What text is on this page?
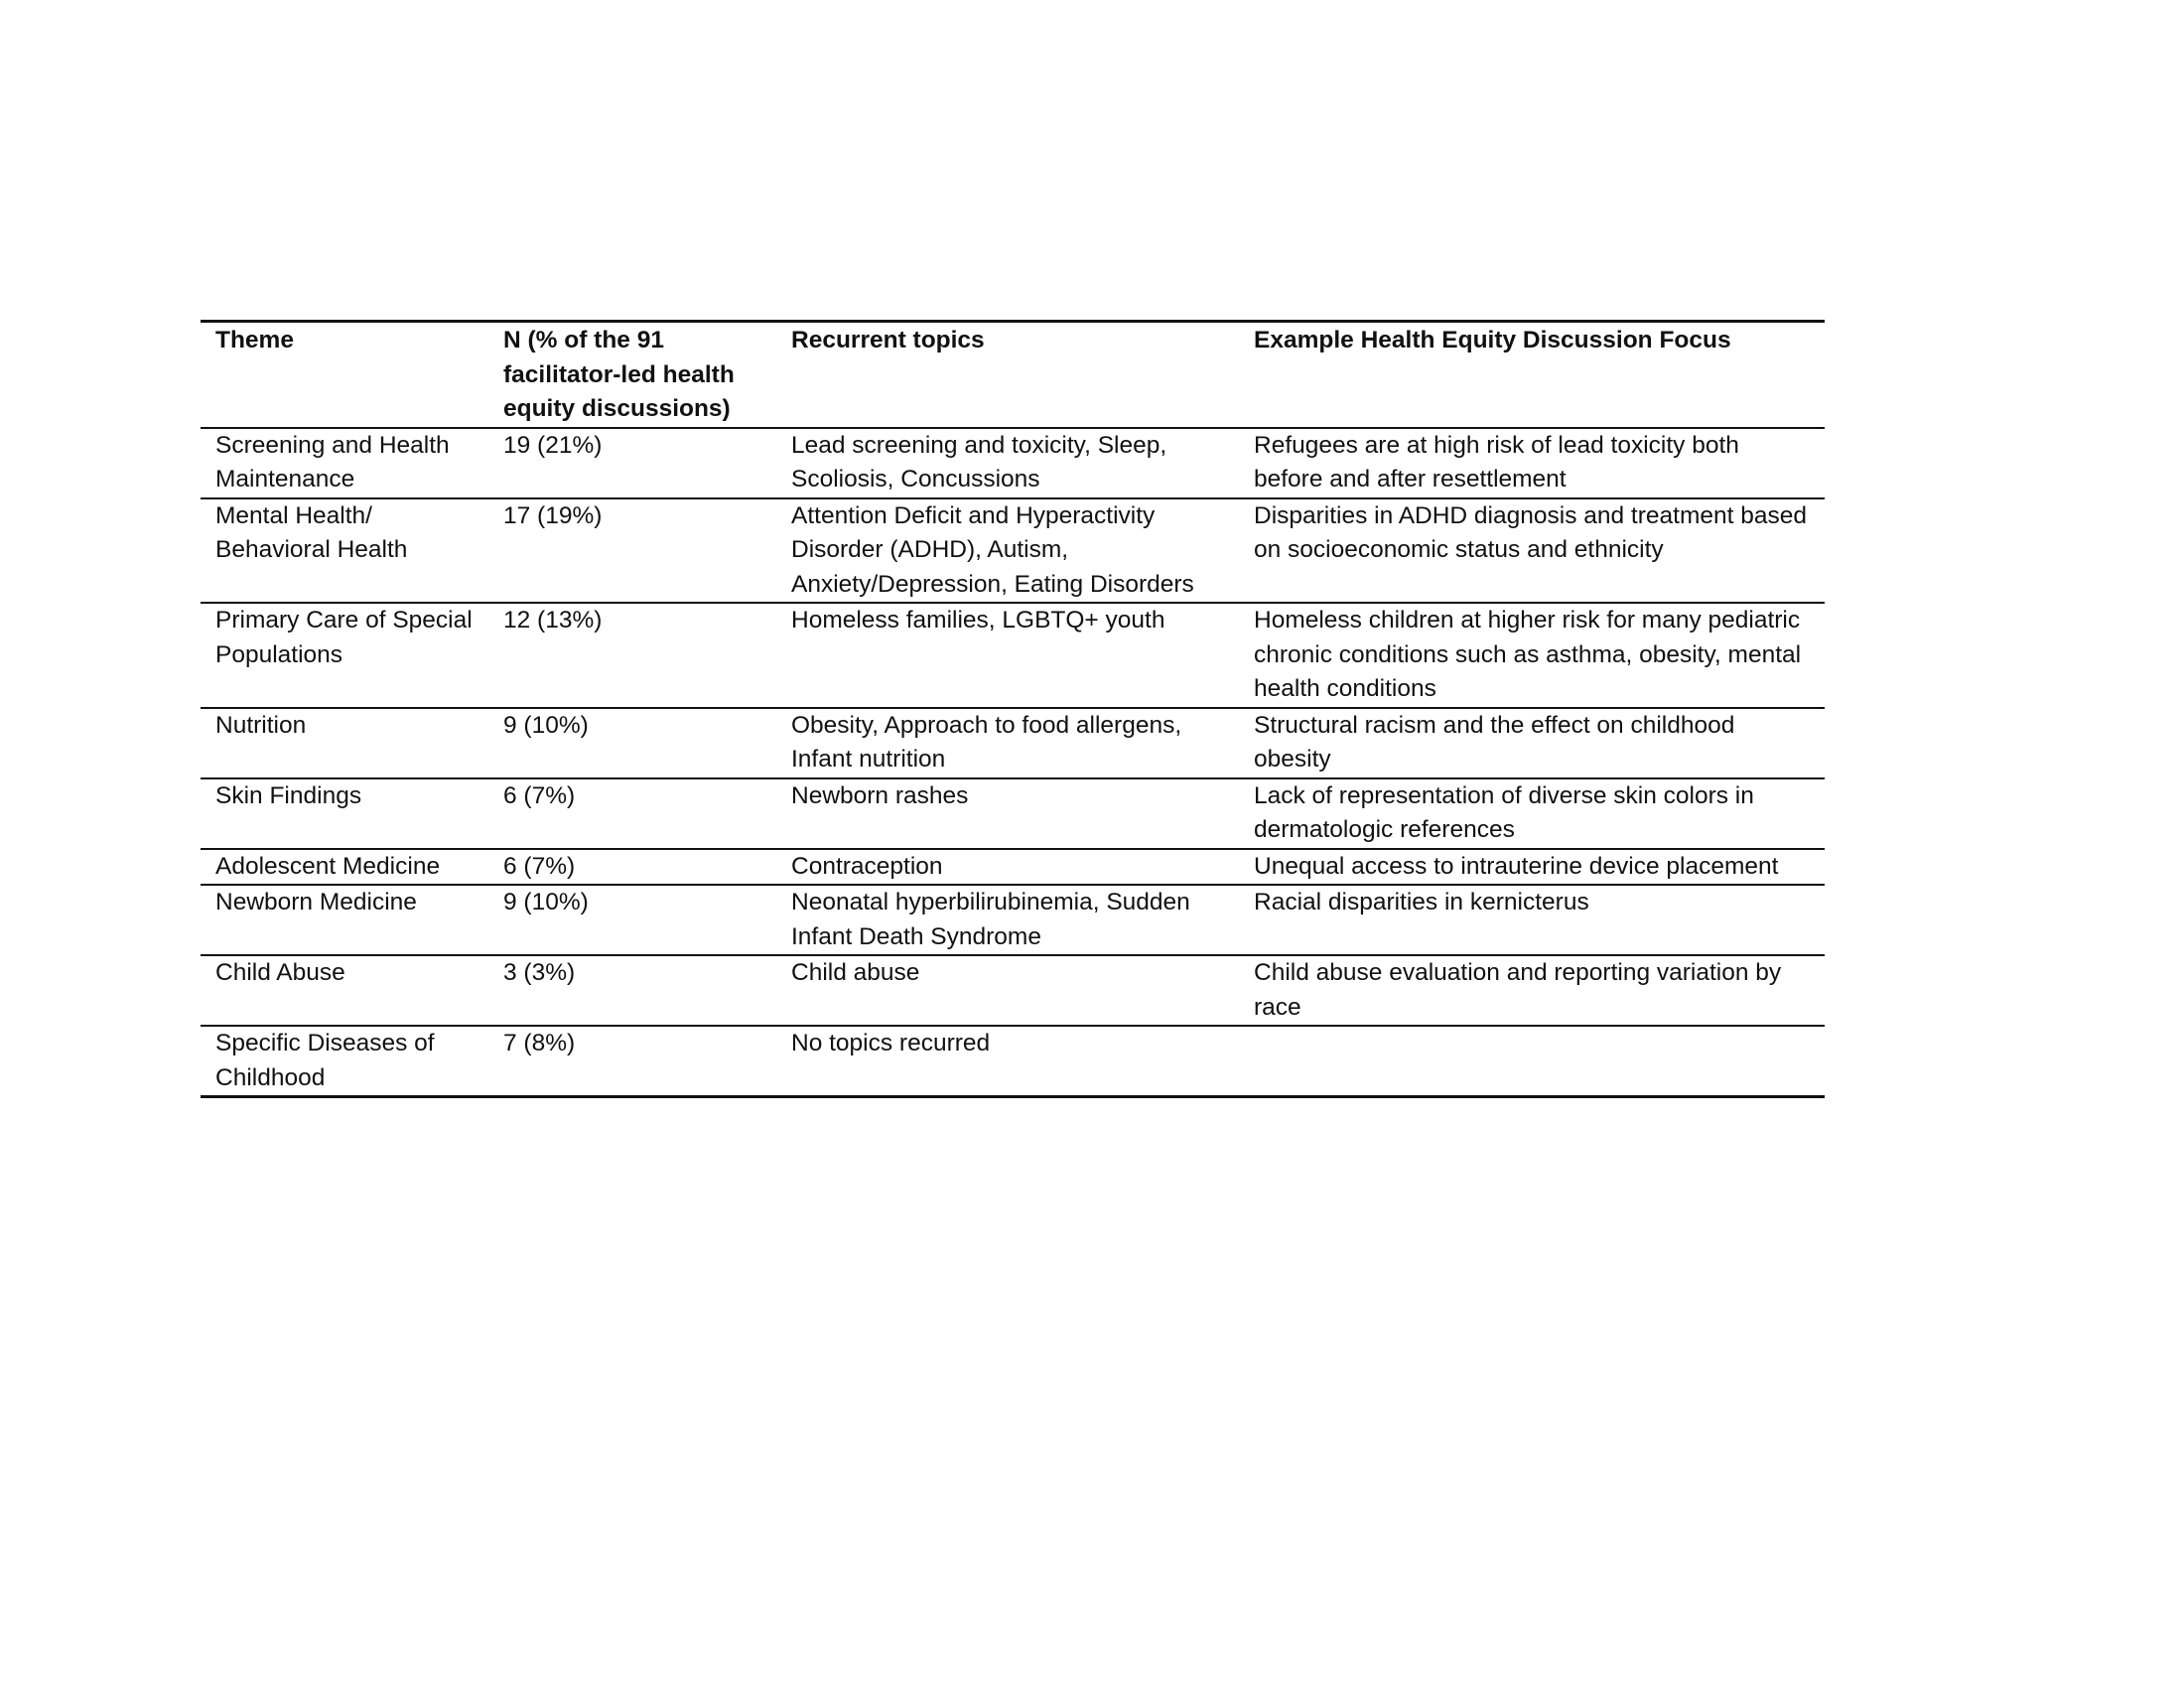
Theme	N (% of the 91 facilitator-led health equity discussions)	Recurrent topics	Example Health Equity Discussion Focus
Screening and Health Maintenance	19 (21%)	Lead screening and toxicity, Sleep, Scoliosis, Concussions	Refugees are at high risk of lead toxicity both before and after resettlement
Mental Health/ Behavioral Health	17 (19%)	Attention Deficit and Hyperactivity Disorder (ADHD), Autism, Anxiety/Depression, Eating Disorders	Disparities in ADHD diagnosis and treatment based on socioeconomic status and ethnicity
Primary Care of Special Populations	12 (13%)	Homeless families, LGBTQ+ youth	Homeless children at higher risk for many pediatric chronic conditions such as asthma, obesity, mental health conditions
Nutrition	9 (10%)	Obesity, Approach to food allergens, Infant nutrition	Structural racism and the effect on childhood obesity
Skin Findings	6 (7%)	Newborn rashes	Lack of representation of diverse skin colors in dermatologic references
Adolescent Medicine	6 (7%)	Contraception	Unequal access to intrauterine device placement
Newborn Medicine	9 (10%)	Neonatal hyperbilirubinemia, Sudden Infant Death Syndrome	Racial disparities in kernicterus
Child Abuse	3 (3%)	Child abuse	Child abuse evaluation and reporting variation by race
Specific Diseases of Childhood	7 (8%)	No topics recurred	
